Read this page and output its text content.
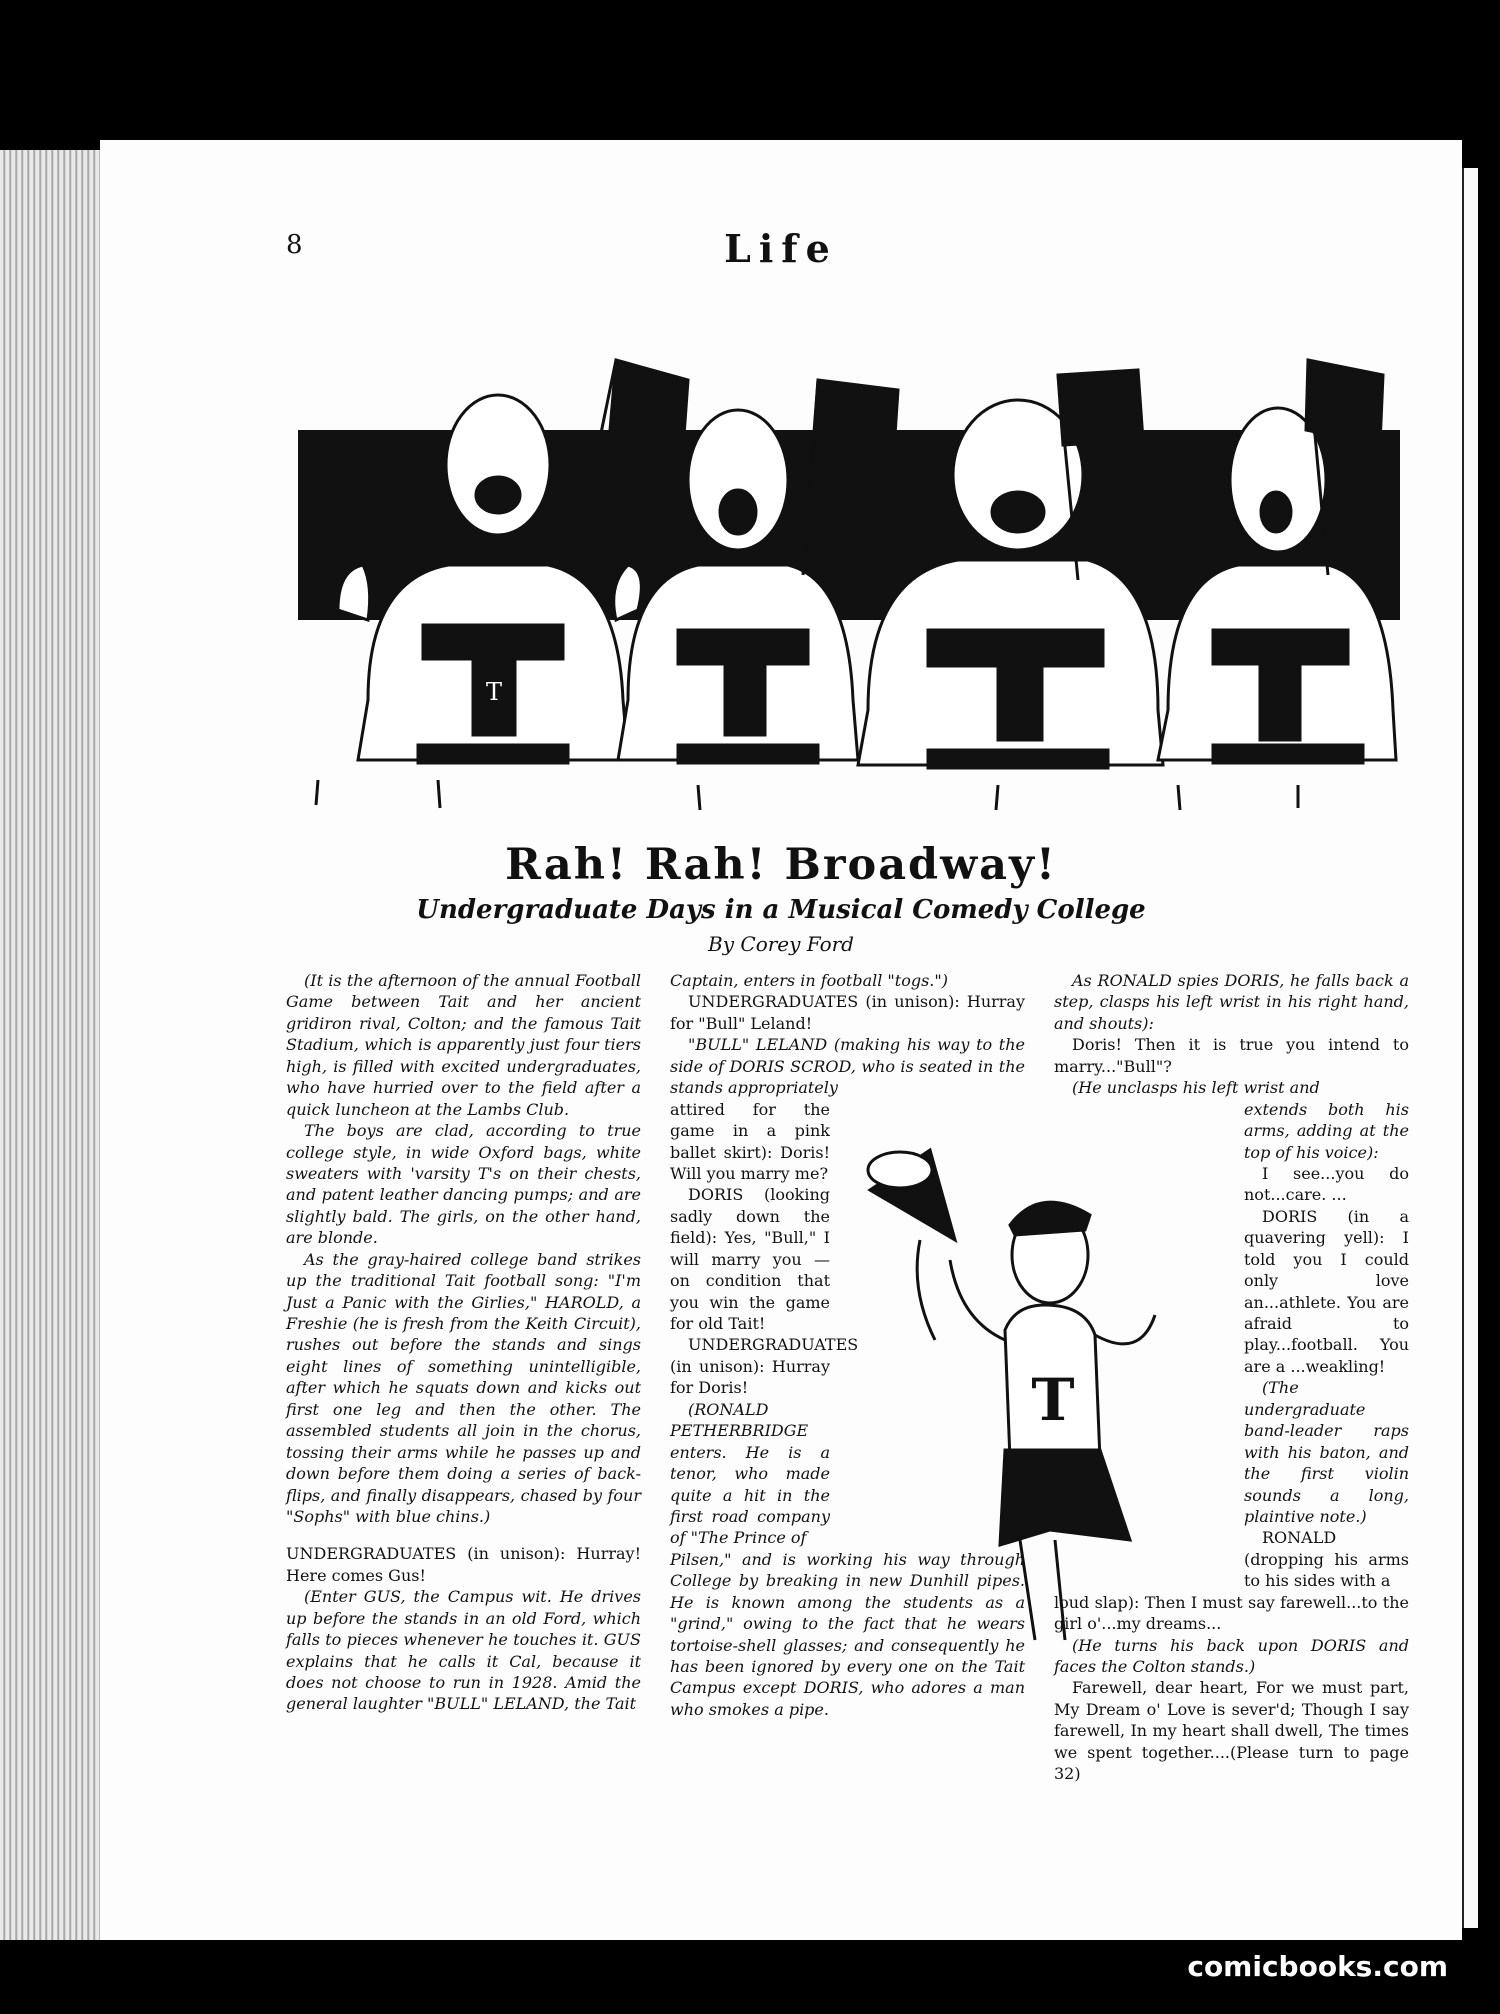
8	Life
T
Rah! Rah! Broadway!
Undergraduate Days in a Musical Comedy College
By Corey Ford

(It is the afternoon of the annual Football Game between Tait and her ancient gridiron rival, Colton; and the famous Tait Stadium, which is apparently just four tiers high, is filled with excited undergraduates, who have hurried over to the field after a quick luncheon at the Lambs Club.

The boys are clad, according to true college style, in wide Oxford bags, white sweaters with 'varsity T's on their chests, and patent leather dancing pumps; and are slightly bald. The girls, on the other hand, are blonde.

As the gray-haired college band strikes up the traditional Tait football song: "I'm Just a Panic with the Girlies," HAROLD, a Freshie (he is fresh from the Keith Circuit), rushes out before the stands and sings eight lines of something unintelligible, after which he squats down and kicks out first one leg and then the other. The assembled students all join in the chorus, tossing their arms while he passes up and down before them doing a series of back-flips, and finally disappears, chased by four "Sophs" with blue chins.)

UNDERGRADUATES (in unison): Hurray! Here comes Gus!

(Enter GUS, the Campus wit. He drives up before the stands in an old Ford, which falls to pieces whenever he touches it. GUS explains that he calls it Cal, because it does not choose to run in 1928. Amid the general laughter "BULL" LELAND, the Tait

Captain, enters in football "togs.")

UNDERGRADUATES (in unison): Hurray for "Bull" Leland!

"BULL" LELAND (making his way to the side of DORIS SCROD, who is seated in the stands appropriately

attired for the game in a pink ballet skirt): Doris! Will you marry me?

DORIS (looking sadly down the field): Yes, "Bull," I will marry you — on condition that you win the game for old Tait!

UNDERGRADUATES (in unison): Hurray for Doris!

(RONALD PETHERBRIDGE enters. He is a tenor, who made quite a hit in the first road company of "The Prince of

Pilsen," and is working his way through College by breaking in new Dunhill pipes. He is known among the students as a "grind," owing to the fact that he wears tortoise-shell glasses; and consequently he has been ignored by every one on the Tait Campus except DORIS, who adores a man who smokes a pipe.

As RONALD spies DORIS, he falls back a step, clasps his left wrist in his right hand, and shouts):

Doris! Then it is true you intend to marry..."Bull"?

(He unclasps his left wrist and

extends both his arms, adding at the top of his voice):

I see...you do not...care. ...

DORIS (in a quavering yell): I told you I could only love an...athlete. You are afraid to play...football. You are a ...weakling!

(The undergraduate band-leader raps with his baton, and the first violin sounds a long, plaintive note.)

RONALD (dropping his arms to his sides with a

loud slap): Then I must say farewell...to the girl o'...my dreams...

(He turns his back upon DORIS and faces the Colton stands.)

Farewell, dear heart, For we must part, My Dream o' Love is sever'd; Though I say farewell, In my heart shall dwell, The times we spent together....(Please turn to page 32)

T
comicbooks.com
